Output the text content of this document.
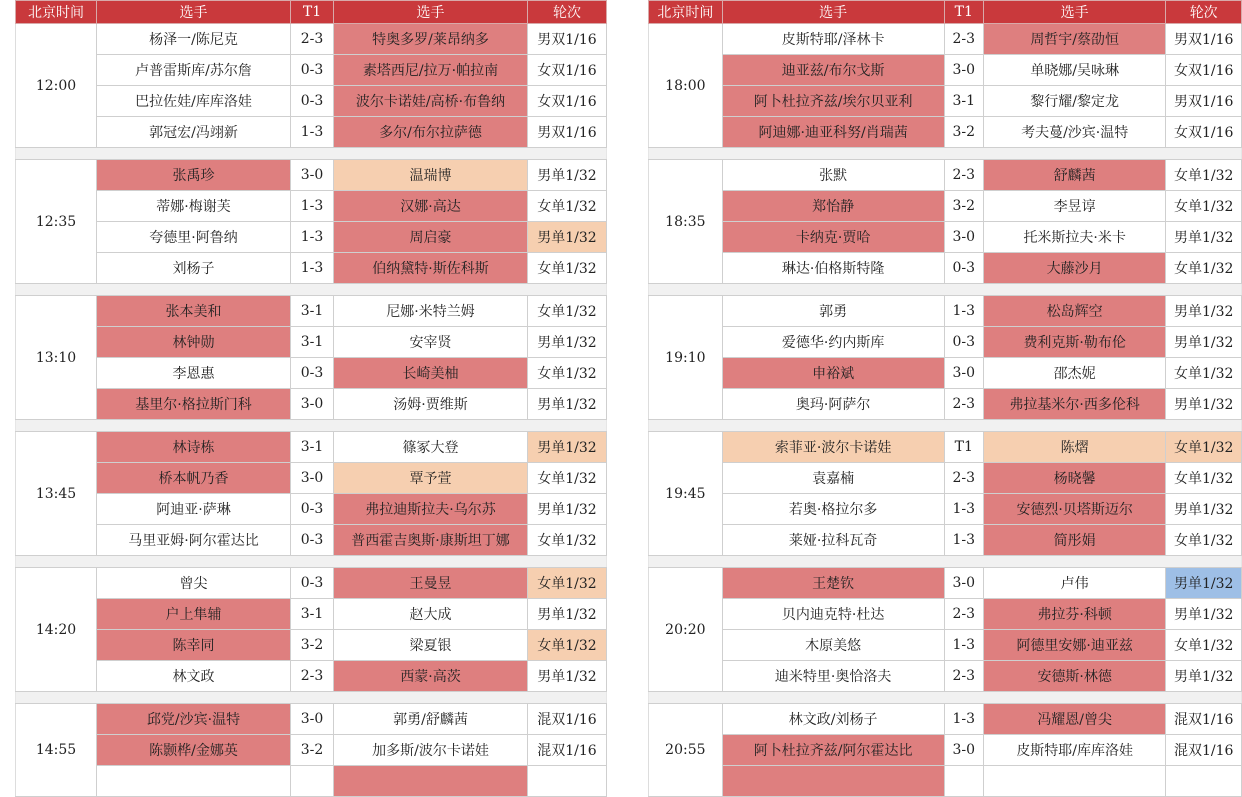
北京时间	选手	T1	选手	轮次
12:00	杨泽一/陈尼克	2-3	特奥多罗/莱昂纳多	男双1/16
	卢普雷斯库/苏尔詹	0-3	素塔西尼/拉万·帕拉南	女双1/16
	巴拉佐娃/库库洛娃	0-3	波尔卡诺娃/高桥·布鲁纳	女双1/16
	郭冠宏/冯翊新	1-3	多尔/布尔拉萨德	男双1/16

12:35	张禹珍	3-0	温瑞博	男单1/32
	蒂娜·梅谢芙	1-3	汉娜·高达	女单1/32
	夸德里·阿鲁纳	1-3	周启豪	男单1/32
	刘杨子	1-3	伯纳黛特·斯佐科斯	女单1/32

13:10	张本美和	3-1	尼娜·米特兰姆	女单1/32
	林钟勋	3-1	安宰贤	男单1/32
	李恩惠	0-3	长崎美柚	女单1/32
	基里尔·格拉斯门科	3-0	汤姆·贾维斯	男单1/32

13:45	林诗栋	3-1	篠冢大登	男单1/32
	桥本帆乃香	3-0	覃予萱	女单1/32
	阿迪亚·萨琳	0-3	弗拉迪斯拉夫·乌尔苏	男单1/32
	马里亚姆·阿尔霍达比	0-3	普西霍吉奥斯·康斯坦丁娜	女单1/32

14:20	曾尖	0-3	王曼昱	女单1/32
	户上隼辅	3-1	赵大成	男单1/32
	陈幸同	3-2	梁夏银	女单1/32
	林文政	2-3	西蒙·高茨	男单1/32

14:55	邱党/沙宾·温特	3-0	郭勇/舒麟茜	混双1/16
	陈颢桦/金娜英	3-2	加多斯/波尔卡诺娃	混双1/16

北京时间	选手	T1	选手	轮次
18:00	皮斯特耶/泽林卡	2-3	周哲宇/蔡劭恒	男双1/16
	迪亚兹/布尔戈斯	3-0	单晓娜/吴咏琳	女双1/16
	阿卜杜拉齐兹/埃尔贝亚利	3-1	黎行耀/黎定龙	男双1/16
	阿迪娜·迪亚科努/肖瑞茜	3-2	考夫蔓/沙宾·温特	女双1/16

18:35	张默	2-3	舒麟茜	女单1/32
	郑怡静	3-2	李昱谆	女单1/32
	卡纳克·贾哈	3-0	托米斯拉夫·米卡	男单1/32
	琳达·伯格斯特隆	0-3	大藤沙月	女单1/32

19:10	郭勇	1-3	松岛辉空	男单1/32
	爱德华·约内斯库	0-3	费利克斯·勒布伦	男单1/32
	申裕斌	3-0	邵杰妮	女单1/32
	奥玛·阿萨尔	2-3	弗拉基米尔·西多伦科	男单1/32

19:45	索菲亚·波尔卡诺娃	T1	陈熠	女单1/32
	袁嘉楠	2-3	杨晓馨	女单1/32
	若奥·格拉尔多	1-3	安德烈·贝塔斯迈尔	男单1/32
	莱娅·拉科瓦奇	1-3	简彤娟	女单1/32

20:20	王楚钦	3-0	卢伟	男单1/32
	贝内迪克特·杜达	2-3	弗拉芬·科顿	男单1/32
	木原美悠	1-3	阿德里安娜·迪亚兹	女单1/32
	迪米特里·奥恰洛夫	2-3	安德斯·林德	男单1/32

20:55	林文政/刘杨子	1-3	冯耀恩/曾尖	混双1/16
	阿卜杜拉齐兹/阿尔霍达比	3-0	皮斯特耶/库库洛娃	混双1/16
